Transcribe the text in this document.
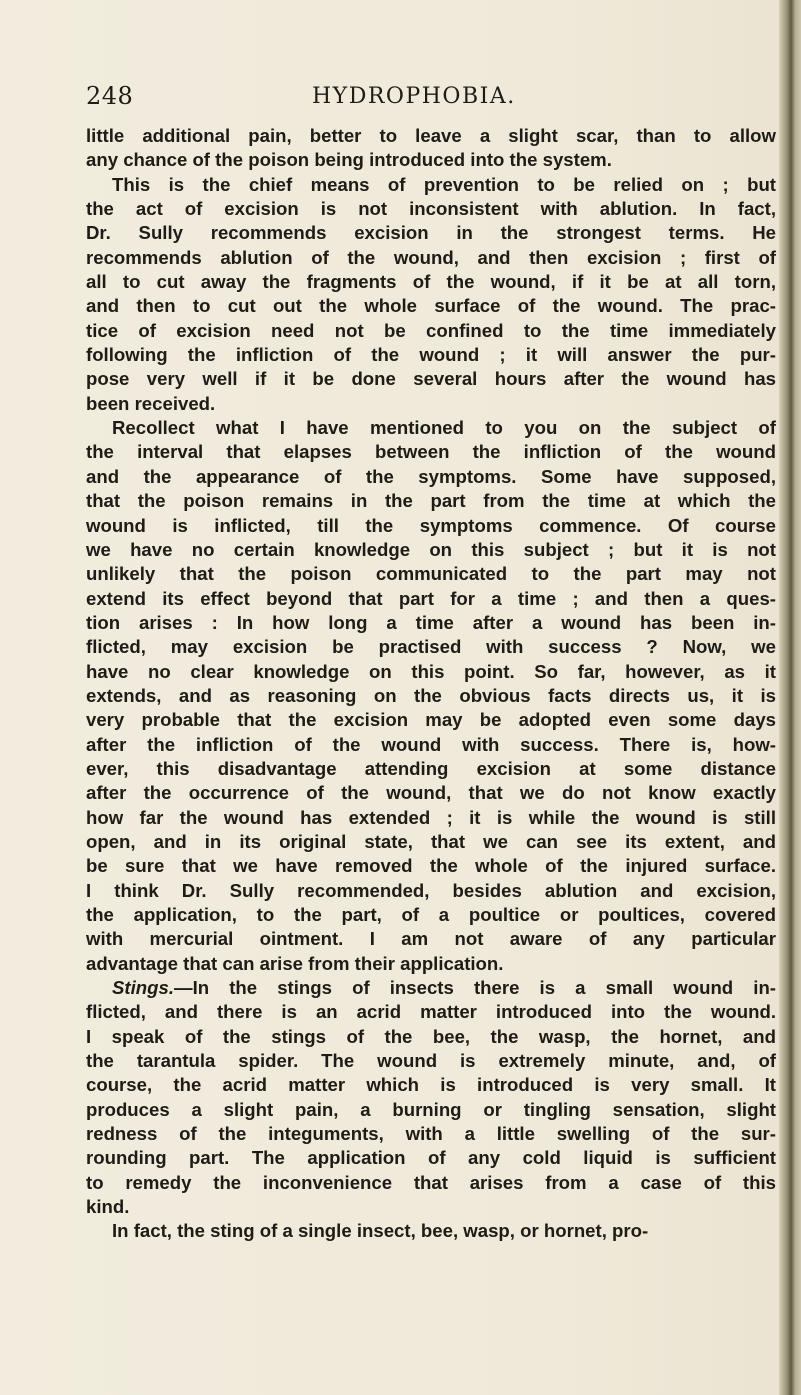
248	HYDROPHOBIA.
little additional pain, better to leave a slight scar, than to allow
any chance of the poison being introduced into the system.
This is the chief means of prevention to be relied on ; but
the act of excision is not inconsistent with ablution. In fact,
Dr. Sully recommends excision in the strongest terms. He
recommends ablution of the wound, and then excision ; first of
all to cut away the fragments of the wound, if it be at all torn,
and then to cut out the whole surface of the wound. The prac-
tice of excision need not be confined to the time immediately
following the infliction of the wound ; it will answer the pur-
pose very well if it be done several hours after the wound has
been received.
Recollect what I have mentioned to you on the subject of
the interval that elapses between the infliction of the wound
and the appearance of the symptoms. Some have supposed,
that the poison remains in the part from the time at which the
wound is inflicted, till the symptoms commence. Of course
we have no certain knowledge on this subject ; but it is not
unlikely that the poison communicated to the part may not
extend its effect beyond that part for a time ; and then a ques-
tion arises : In how long a time after a wound has been in-
flicted, may excision be practised with success ? Now, we
have no clear knowledge on this point. So far, however, as it
extends, and as reasoning on the obvious facts directs us, it is
very probable that the excision may be adopted even some days
after the infliction of the wound with success. There is, how-
ever, this disadvantage attending excision at some distance
after the occurrence of the wound, that we do not know exactly
how far the wound has extended ; it is while the wound is still
open, and in its original state, that we can see its extent, and
be sure that we have removed the whole of the injured surface.
I think Dr. Sully recommended, besides ablution and excision,
the application, to the part, of a poultice or poultices, covered
with mercurial ointment. I am not aware of any particular
advantage that can arise from their application.
Stings.—In the stings of insects there is a small wound in-
flicted, and there is an acrid matter introduced into the wound.
I speak of the stings of the bee, the wasp, the hornet, and
the tarantula spider. The wound is extremely minute, and, of
course, the acrid matter which is introduced is very small. It
produces a slight pain, a burning or tingling sensation, slight
redness of the integuments, with a little swelling of the sur-
rounding part. The application of any cold liquid is sufficient
to remedy the inconvenience that arises from a case of this
kind.
In fact, the sting of a single insect, bee, wasp, or hornet, pro-
